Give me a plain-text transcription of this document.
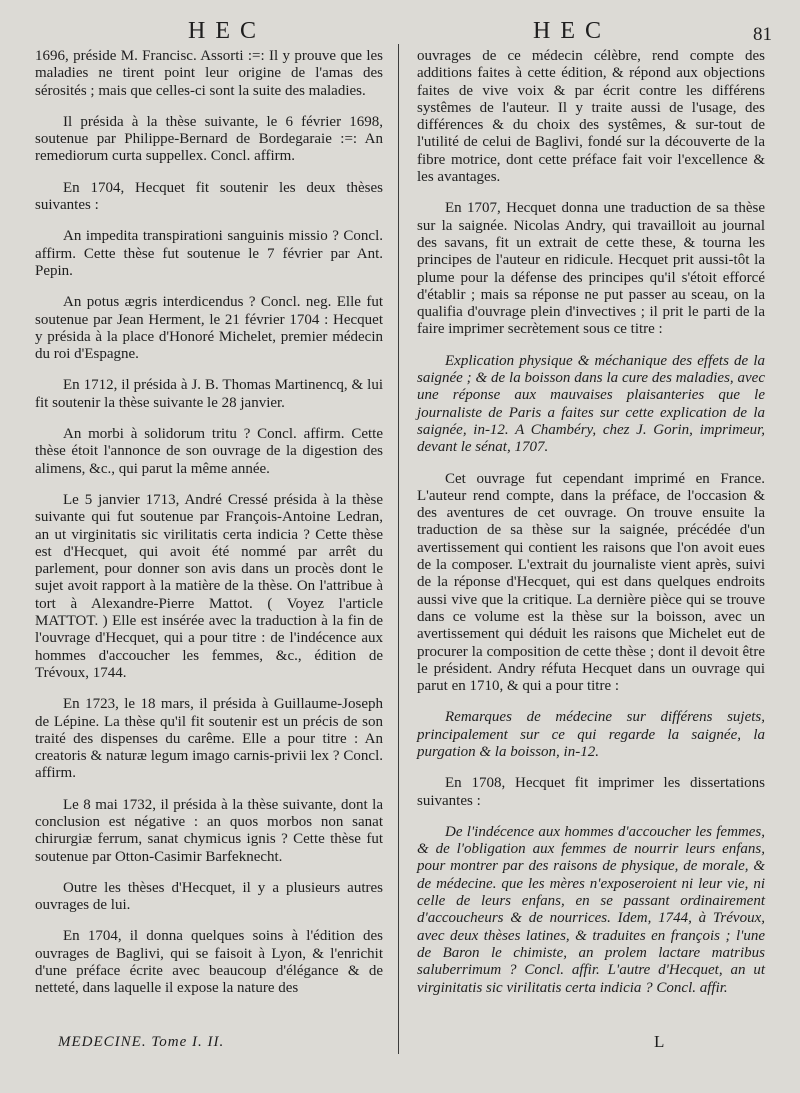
HEC	HEC	81

1696, préside M. Francisc. Assorti :=: Il y prouve que les maladies ne tirent point leur origine de l'amas des sérosités ; mais que celles-ci sont la suite des maladies.

Il présida à la thèse suivante, le 6 février 1698, soutenue par Philippe-Bernard de Bordegaraie :=: An remediorum curta suppellex. Concl. affirm.

En 1704, Hecquet fit soutenir les deux thèses suivantes :

An impedita transpirationi sanguinis missio ? Concl. affirm. Cette thèse fut soutenue le 7 février par Ant. Pepin.

An potus ægris interdicendus ? Concl. neg. Elle fut soutenue par Jean Herment, le 21 février 1704 : Hecquet y présida à la place d'Honoré Michelet, premier médecin du roi d'Espagne.

En 1712, il présida à J. B. Thomas Martinencq, & lui fit soutenir la thèse suivante le 28 janvier.

An morbi à solidorum tritu ? Concl. affirm. Cette thèse étoit l'annonce de son ouvrage de la digestion des alimens, &c., qui parut la même année.

Le 5 janvier 1713, André Cressé présida à la thèse suivante qui fut soutenue par François-Antoine Ledran, an ut virginitatis sic virilitatis certa indicia ? Cette thèse est d'Hecquet, qui avoit été nommé par arrêt du parlement, pour donner son avis dans un procès dont le sujet avoit rapport à la matière de la thèse. On l'attribue à tort à Alexandre-Pierre Mattot. ( Voyez l'article MATTOT. ) Elle est insérée avec la traduction à la fin de l'ouvrage d'Hecquet, qui a pour titre : de l'indécence aux hommes d'accoucher les femmes, &c., édition de Trévoux, 1744.

En 1723, le 18 mars, il présida à Guillaume-Joseph de Lépine. La thèse qu'il fit soutenir est un précis de son traité des dispenses du carême. Elle a pour titre : An creatoris & naturæ legum imago carnis-privii lex ? Concl. affirm.

Le 8 mai 1732, il présida à la thèse suivante, dont la conclusion est négative : an quos morbos non sanat chirurgiæ ferrum, sanat chymicus ignis ? Cette thèse fut soutenue par Otton-Casimir Barfeknecht.

Outre les thèses d'Hecquet, il y a plusieurs autres ouvrages de lui.

En 1704, il donna quelques soins à l'édition des ouvrages de Baglivi, qui se faisoit à Lyon, & l'enrichit d'une préface écrite avec beaucoup d'élégance & de netteté, dans laquelle il expose la nature des

ouvrages de ce médecin célèbre, rend compte des additions faites à cette édition, & répond aux objections faites de vive voix & par écrit contre les différens systêmes de l'auteur. Il y traite aussi de l'usage, des différences & du choix des systêmes, & sur-tout de l'utilité de celui de Baglivi, fondé sur la découverte de la fibre motrice, dont cette préface fait voir l'excellence & les avantages.

En 1707, Hecquet donna une traduction de sa thèse sur la saignée. Nicolas Andry, qui travailloit au journal des savans, fit un extrait de cette these, & tourna les principes de l'auteur en ridicule. Hecquet prit aussi-tôt la plume pour la défense des principes qu'il s'étoit efforcé d'établir ; mais sa réponse ne put passer au sceau, on la qualifia d'ouvrage plein d'invectives ; il prit le parti de la faire imprimer secrètement sous ce titre :

Explication physique & méchanique des effets de la saignée ; & de la boisson dans la cure des maladies, avec une réponse aux mauvaises plaisanteries que le journaliste de Paris a faites sur cette explication de la saignée, in-12. A Chambéry, chez J. Gorin, imprimeur, devant le sénat, 1707.

Cet ouvrage fut cependant imprimé en France. L'auteur rend compte, dans la préface, de l'occasion & des aventures de cet ouvrage. On trouve ensuite la traduction de sa thèse sur la saignée, précédée d'un avertissement qui contient les raisons que l'on avoit eues de la composer. L'extrait du journaliste vient après, suivi de la réponse d'Hecquet, qui est dans quelques endroits aussi vive que la critique. La dernière pièce qui se trouve dans ce volume est la thèse sur la boisson, avec un avertissement qui déduit les raisons que Michelet eut de procurer la composition de cette thèse ; dont il devoit être le président. Andry réfuta Hecquet dans un ouvrage qui parut en 1710, & qui a pour titre :

Remarques de médecine sur différens sujets, principalement sur ce qui regarde la saignée, la purgation & la boisson, in-12.

En 1708, Hecquet fit imprimer les dissertations suivantes :

De l'indécence aux hommes d'accoucher les femmes, & de l'obligation aux femmes de nourrir leurs enfans, pour montrer par des raisons de physique, de morale, & de médecine. que les mères n'exposeroient ni leur vie, ni celle de leurs enfans, en se passant ordinairement d'accoucheurs & de nourrices. Idem, 1744, à Trévoux, avec deux thèses latines, & traduites en françois ; l'une de Baron le chimiste, an prolem lactare matribus saluberrimum ? Concl. affir. L'autre d'Hecquet, an ut virginitatis sic virilitatis certa indicia ? Concl. affir.

MEDECINE. Tome I. II.	L
